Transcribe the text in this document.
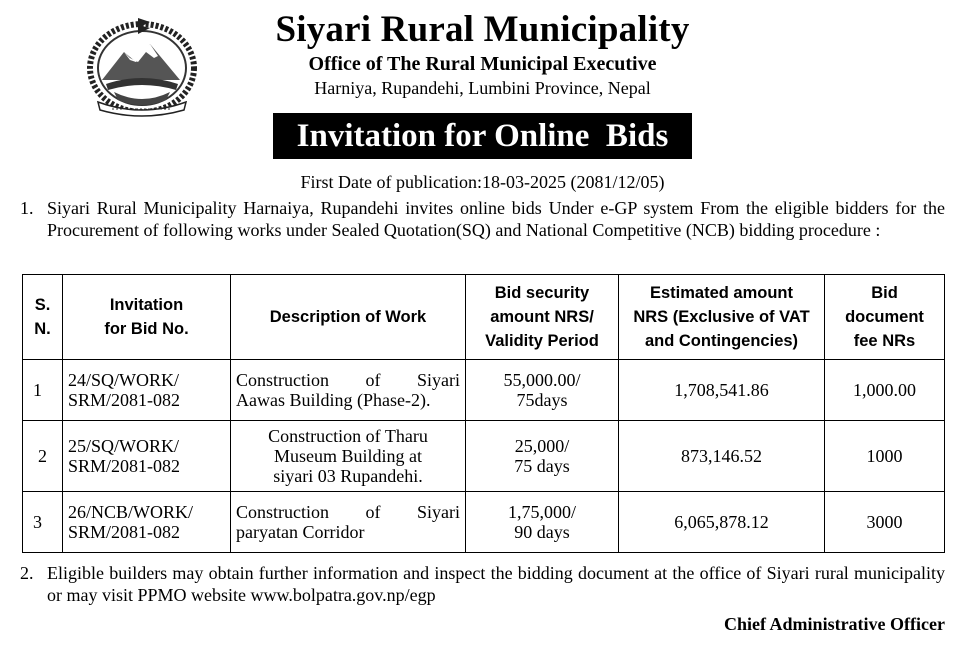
Siyari Rural Municipality
Office of The Rural Municipal Executive
Harniya, Rupandehi, Lumbini Province, Nepal
Invitation for Online  Bids
First Date of publication:18-03-2025 (2081/12/05)
1. Siyari Rural Municipality Harnaiya, Rupandehi invites online bids Under e-GP system From the eligible bidders for the Procurement of following works under Sealed Quotation(SQ) and National Competitive (NCB) bidding procedure :
S.
N.	Invitation
for Bid No.	Description of Work	Bid security
amount NRS/
Validity Period	Estimated amount
NRS (Exclusive of VAT
and Contingencies)	Bid
document
fee NRs

1	24/SQ/WORK/
SRM/2081-082	Construction of Siyari
Aawas Building (Phase-2).	55,000.00/
75days	1,708,541.86	1,000.00
2	25/SQ/WORK/
SRM/2081-082	Construction of Tharu
Museum Building at
siyari 03 Rupandehi.	25,000/
75 days	873,146.52	1000
3	26/NCB/WORK/
SRM/2081-082	Construction of Siyari
paryatan Corridor	1,75,000/
90 days	6,065,878.12	3000
2. Eligible builders may obtain further information and inspect the bidding document at the office of Siyari rural municipality or may visit PPMO website www.bolpatra.gov.np/egp
Chief Administrative Officer
